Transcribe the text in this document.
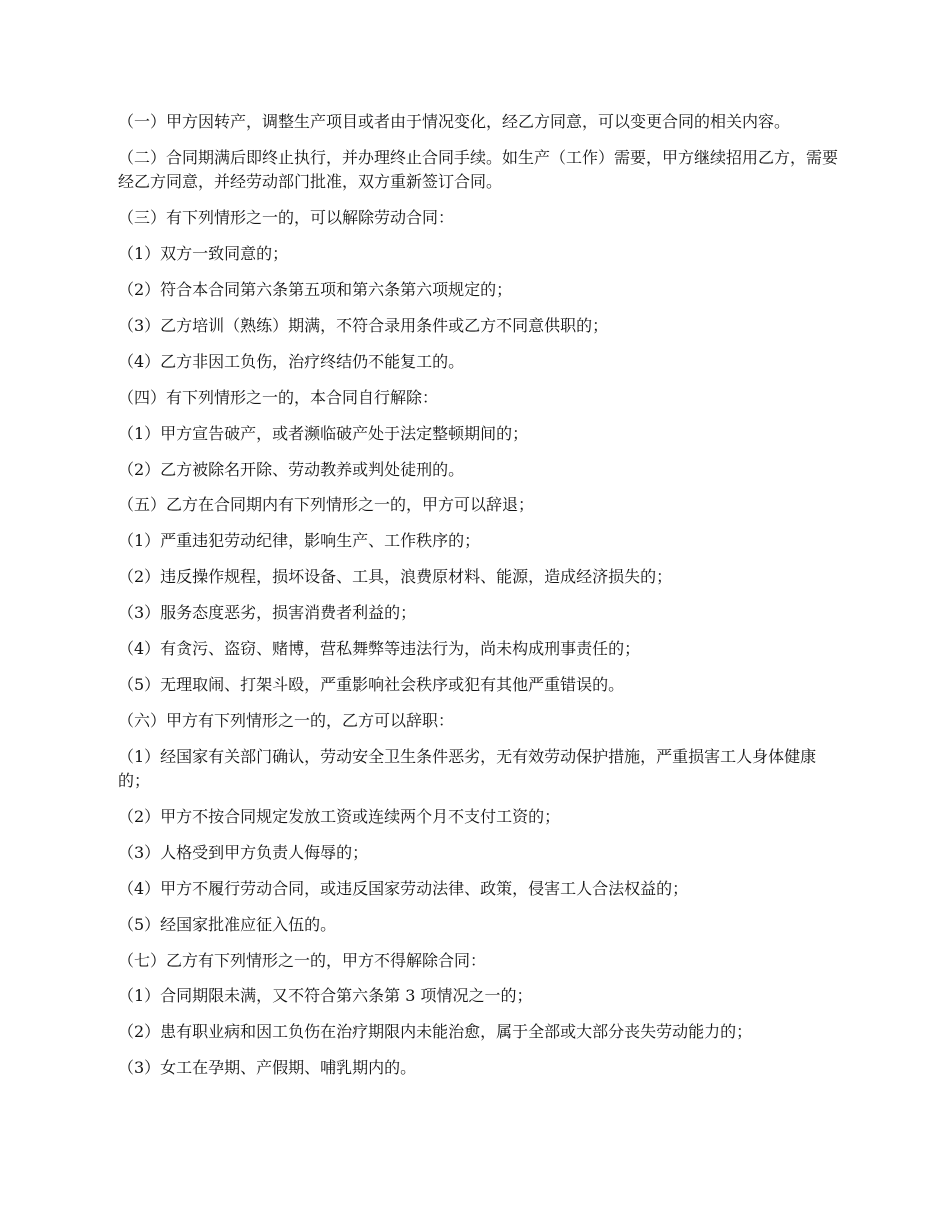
（一）甲方因转产，调整生产项目或者由于情况变化，经乙方同意，可以变更合同的相关内容。

（二）合同期满后即终止执行，并办理终止合同手续。如生产（工作）需要，甲方继续招用乙方，需要经乙方同意，并经劳动部门批准，双方重新签订合同。

（三）有下列情形之一的，可以解除劳动合同：

（1）双方一致同意的；

（2）符合本合同第六条第五项和第六条第六项规定的；

（3）乙方培训（熟练）期满，不符合录用条件或乙方不同意供职的；

（4）乙方非因工负伤，治疗终结仍不能复工的。

（四）有下列情形之一的，本合同自行解除：

（1）甲方宣告破产，或者濒临破产处于法定整顿期间的；

（2）乙方被除名开除、劳动教养或判处徒刑的。

（五）乙方在合同期内有下列情形之一的，甲方可以辞退；

（1）严重违犯劳动纪律，影响生产、工作秩序的；

（2）违反操作规程，损坏设备、工具，浪费原材料、能源，造成经济损失的；

（3）服务态度恶劣，损害消费者利益的；

（4）有贪污、盗窃、赌博，营私舞弊等违法行为，尚未构成刑事责任的；

（5）无理取闹、打架斗殴，严重影响社会秩序或犯有其他严重错误的。

（六）甲方有下列情形之一的，乙方可以辞职：

（1）经国家有关部门确认，劳动安全卫生条件恶劣，无有效劳动保护措施，严重损害工人身体健康的；

（2）甲方不按合同规定发放工资或连续两个月不支付工资的；

（3）人格受到甲方负责人侮辱的；

（4）甲方不履行劳动合同，或违反国家劳动法律、政策，侵害工人合法权益的；

（5）经国家批准应征入伍的。

（七）乙方有下列情形之一的，甲方不得解除合同：

（1）合同期限未满，又不符合第六条第 3 项情况之一的；

（2）患有职业病和因工负伤在治疗期限内未能治愈，属于全部或大部分丧失劳动能力的；

（3）女工在孕期、产假期、哺乳期内的。
